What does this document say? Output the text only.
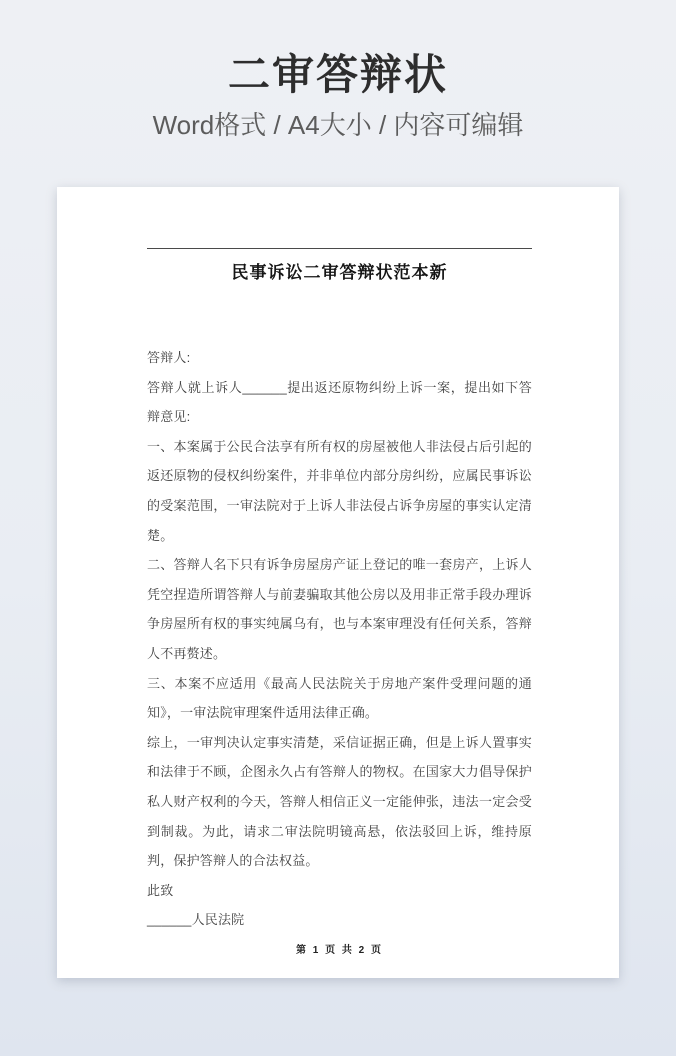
二审答辩状

Word格式 / A4大小 / 内容可编辑

民事诉讼二审答辩状范本新

答辩人:

答辩人就上诉人______提出返还原物纠纷上诉一案，提出如下答辩意见:

一、本案属于公民合法享有所有权的房屋被他人非法侵占后引起的返还原物的侵权纠纷案件，并非单位内部分房纠纷，应属民事诉讼的受案范围，一审法院对于上诉人非法侵占诉争房屋的事实认定清楚。

二、答辩人名下只有诉争房屋房产证上登记的唯一套房产，上诉人凭空捏造所谓答辩人与前妻骗取其他公房以及用非正常手段办理诉争房屋所有权的事实纯属乌有，也与本案审理没有任何关系，答辩人不再赘述。

三、本案不应适用《最高人民法院关于房地产案件受理问题的通知》，一审法院审理案件适用法律正确。

综上，一审判决认定事实清楚，采信证据正确，但是上诉人置事实和法律于不顾，企图永久占有答辩人的物权。在国家大力倡导保护私人财产权利的今天，答辩人相信正义一定能伸张，违法一定会受到制裁。为此，请求二审法院明镜高悬，依法驳回上诉，维持原判，保护答辩人的合法权益。

此致

______人民法院

第 1 页 共 2 页
